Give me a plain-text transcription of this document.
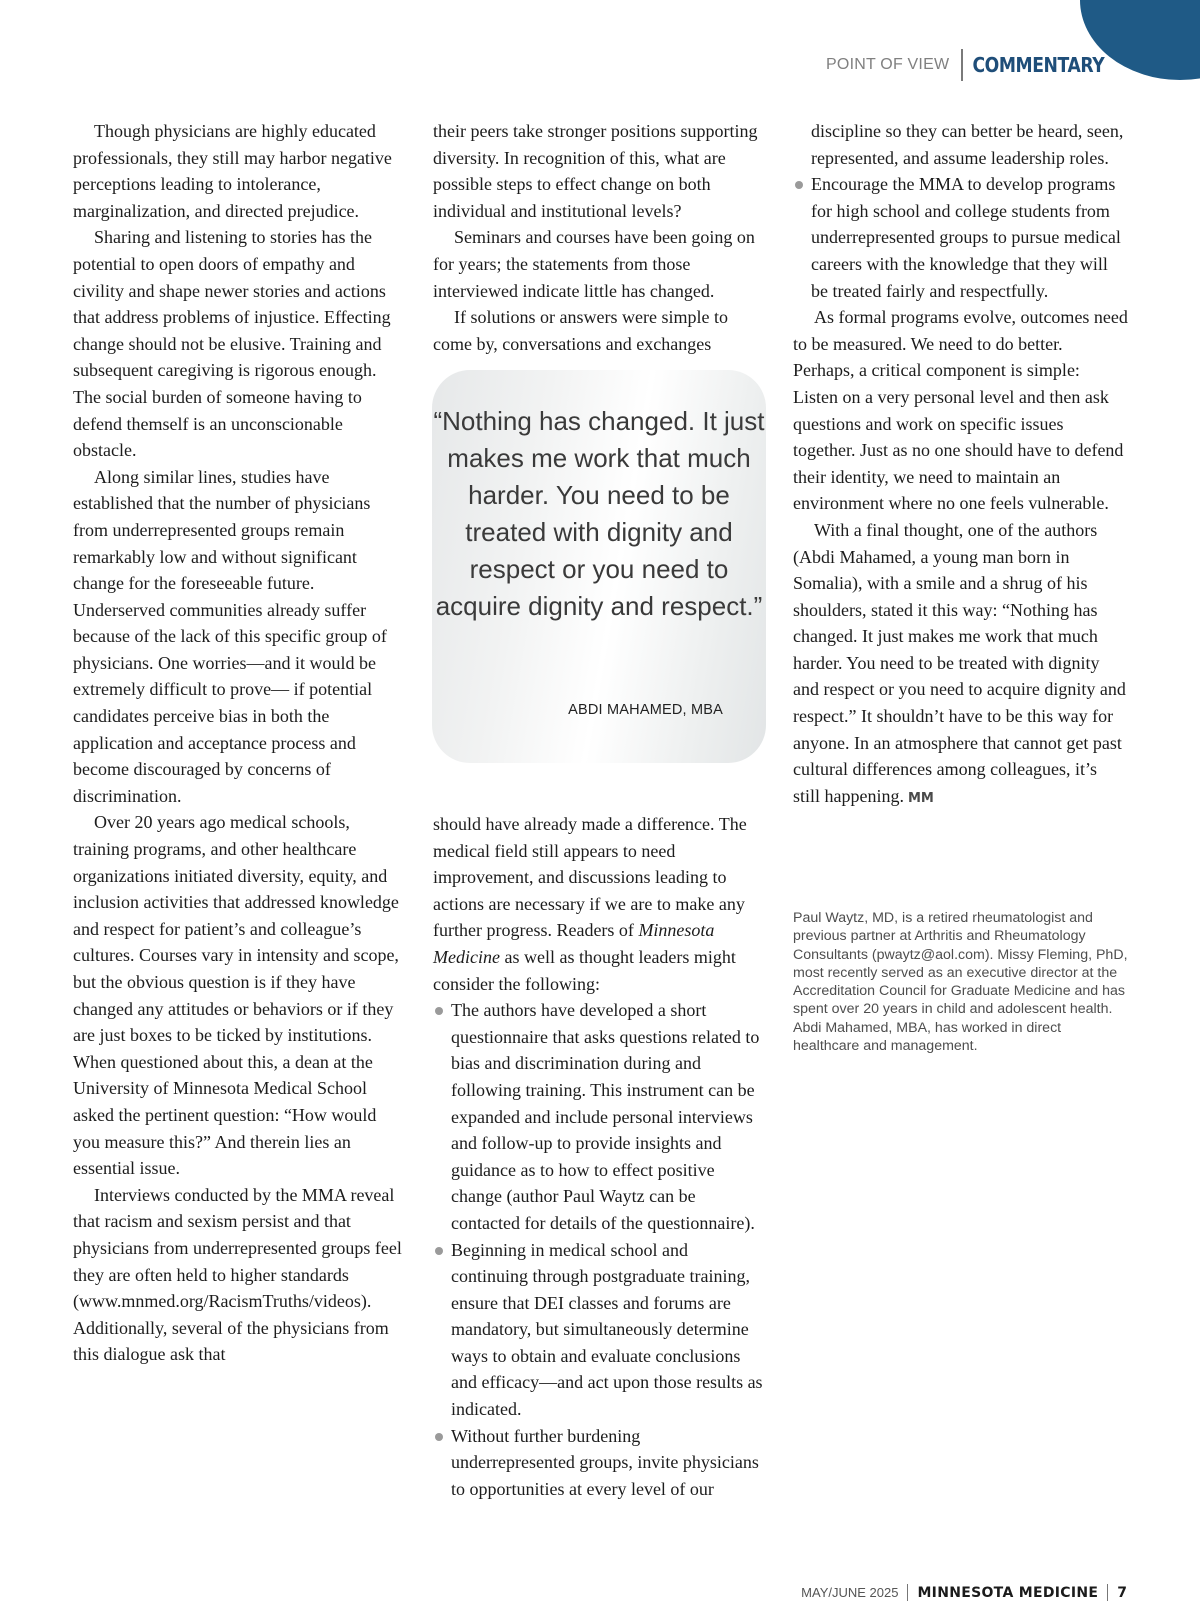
POINT OF VIEW	COMMENTARY

Though physicians are highly educated professionals, they still may harbor negative perceptions leading to intolerance, marginalization, and directed prejudice.

Sharing and listening to stories has the potential to open doors of empathy and civility and shape newer stories and actions that address problems of injustice. Effecting change should not be elusive. Training and subsequent caregiving is rigorous enough. The social burden of someone having to defend themself is an unconscionable obstacle.

Along similar lines, studies have established that the number of physicians from underrepresented groups remain remarkably low and without significant change for the foreseeable future. Underserved communities already suffer because of the lack of this specific group of physicians. One worries—and it would be extremely difficult to prove— if potential candidates perceive bias in both the application and acceptance process and become discouraged by concerns of discrimination.

Over 20 years ago medical schools, training programs, and other healthcare organizations initiated diversity, equity, and inclusion activities that addressed knowledge and respect for patient’s and colleague’s cultures. Courses vary in intensity and scope, but the obvious question is if they have changed any attitudes or behaviors or if they are just boxes to be ticked by institutions. When questioned about this, a dean at the University of Minnesota Medical School asked the pertinent question: “How would you measure this?” And therein lies an essential issue.

Interviews conducted by the MMA reveal that racism and sexism persist and that physicians from underrepresented groups feel they are often held to higher standards (www.mnmed.org/RacismTruths/videos). Additionally, several of the physicians from this dialogue ask that

their peers take stronger positions supporting diversity. In recognition of this, what are possible steps to effect change on both individual and institutional levels?

Seminars and courses have been going on for years; the statements from those interviewed indicate little has changed.

If solutions or answers were simple to come by, conversations and exchanges

“Nothing has changed. It just makes me work that much harder. You need to be treated with dignity and respect or you need to acquire dignity and respect.”
ABDI MAHAMED, MBA

should have already made a difference. The medical field still appears to need improvement, and discussions leading to actions are necessary if we are to make any further progress. Readers of Minnesota Medicine as well as thought leaders might consider the following:

The authors have developed a short questionnaire that asks questions related to bias and discrimination during and following training. This instrument can be expanded and include personal interviews and follow-up to provide insights and guidance as to how to effect positive change (author Paul Waytz can be contacted for details of the questionnaire).

Beginning in medical school and continuing through postgraduate training, ensure that DEI classes and forums are mandatory, but simultaneously determine ways to obtain and evaluate conclusions and efficacy—and act upon those results as indicated.

Without further burdening underrepresented groups, invite physicians to opportunities at every level of our

discipline so they can better be heard, seen, represented, and assume leadership roles.

Encourage the MMA to develop programs for high school and college students from underrepresented groups to pursue medical careers with the knowledge that they will be treated fairly and respectfully.

As formal programs evolve, outcomes need to be measured. We need to do better. Perhaps, a critical component is simple: Listen on a very personal level and then ask questions and work on specific issues together. Just as no one should have to defend their identity, we need to maintain an environment where no one feels vulnerable.

With a final thought, one of the authors (Abdi Mahamed, a young man born in Somalia), with a smile and a shrug of his shoulders, stated it this way: “Nothing has changed. It just makes me work that much harder. You need to be treated with dignity and respect or you need to acquire dignity and respect.” It shouldn’t have to be this way for anyone. In an atmosphere that cannot get past cultural differences among colleagues, it’s still happening. MM

Paul Waytz, MD, is a retired rheumatologist and previous partner at Arthritis and Rheumatology Consultants (pwaytz@aol.com). Missy Fleming, PhD, most recently served as an executive director at the Accreditation Council for Graduate Medicine and has spent over 20 years in child and adolescent health. Abdi Mahamed, MBA, has worked in direct healthcare and management.
MAY/JUNE 2025 MINNESOTA MEDICINE 7
